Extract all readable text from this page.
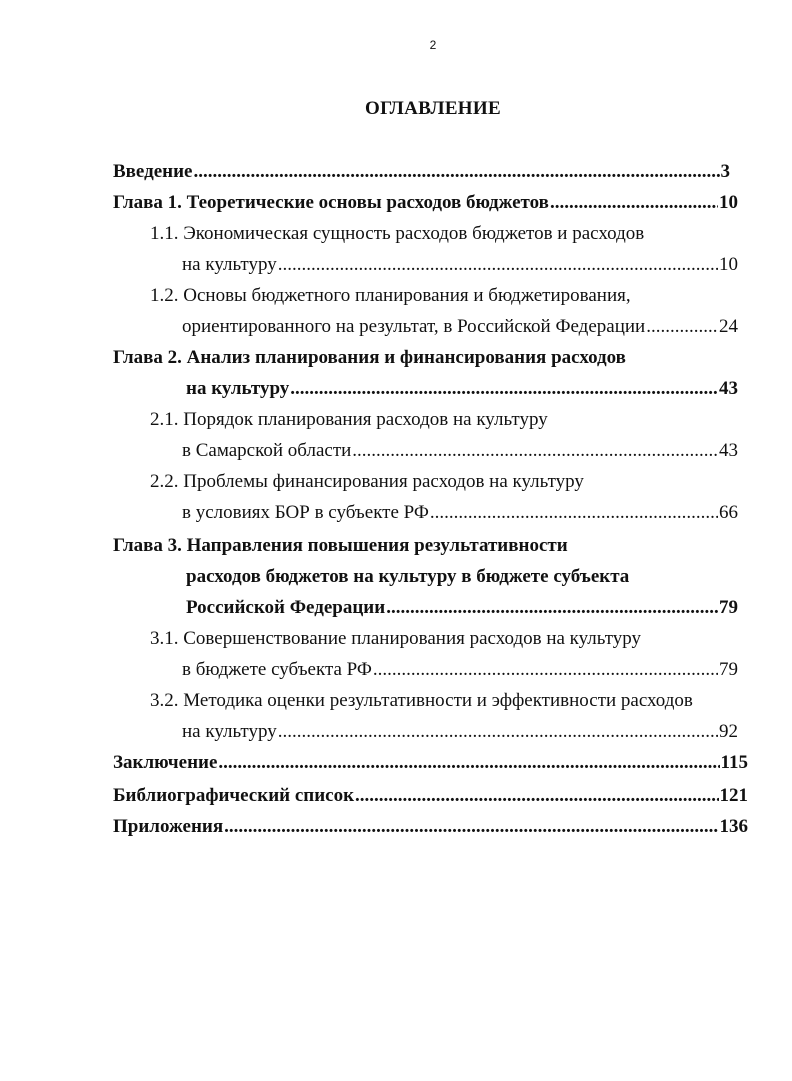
2
ОГЛАВЛЕНИЕ
Введение .....	3
Глава 1. Теоретические основы расходов бюджетов .....	10
1.1. Экономическая сущность расходов бюджетов и расходов
на культуру .....	10
1.2. Основы бюджетного планирования и бюджетирования,
ориентированного на результат, в Российской Федерации .....	24
Глава 2. Анализ планирования и финансирования расходов
на культуру .....	43
2.1. Порядок планирования расходов на культуру
в Самарской области .....	43
2.2. Проблемы финансирования расходов на культуру
в условиях БОР в субъекте РФ .....	66
Глава 3. Направления повышения результативности
расходов бюджетов на культуру в бюджете субъекта
Российской Федерации .....	79
3.1. Совершенствование планирования расходов на культуру
в бюджете субъекта РФ .....	79
3.2. Методика оценки результативности и эффективности расходов
на культуру .....	92
Заключение .....	115
Библиографический список .....	121
Приложения .....	136
